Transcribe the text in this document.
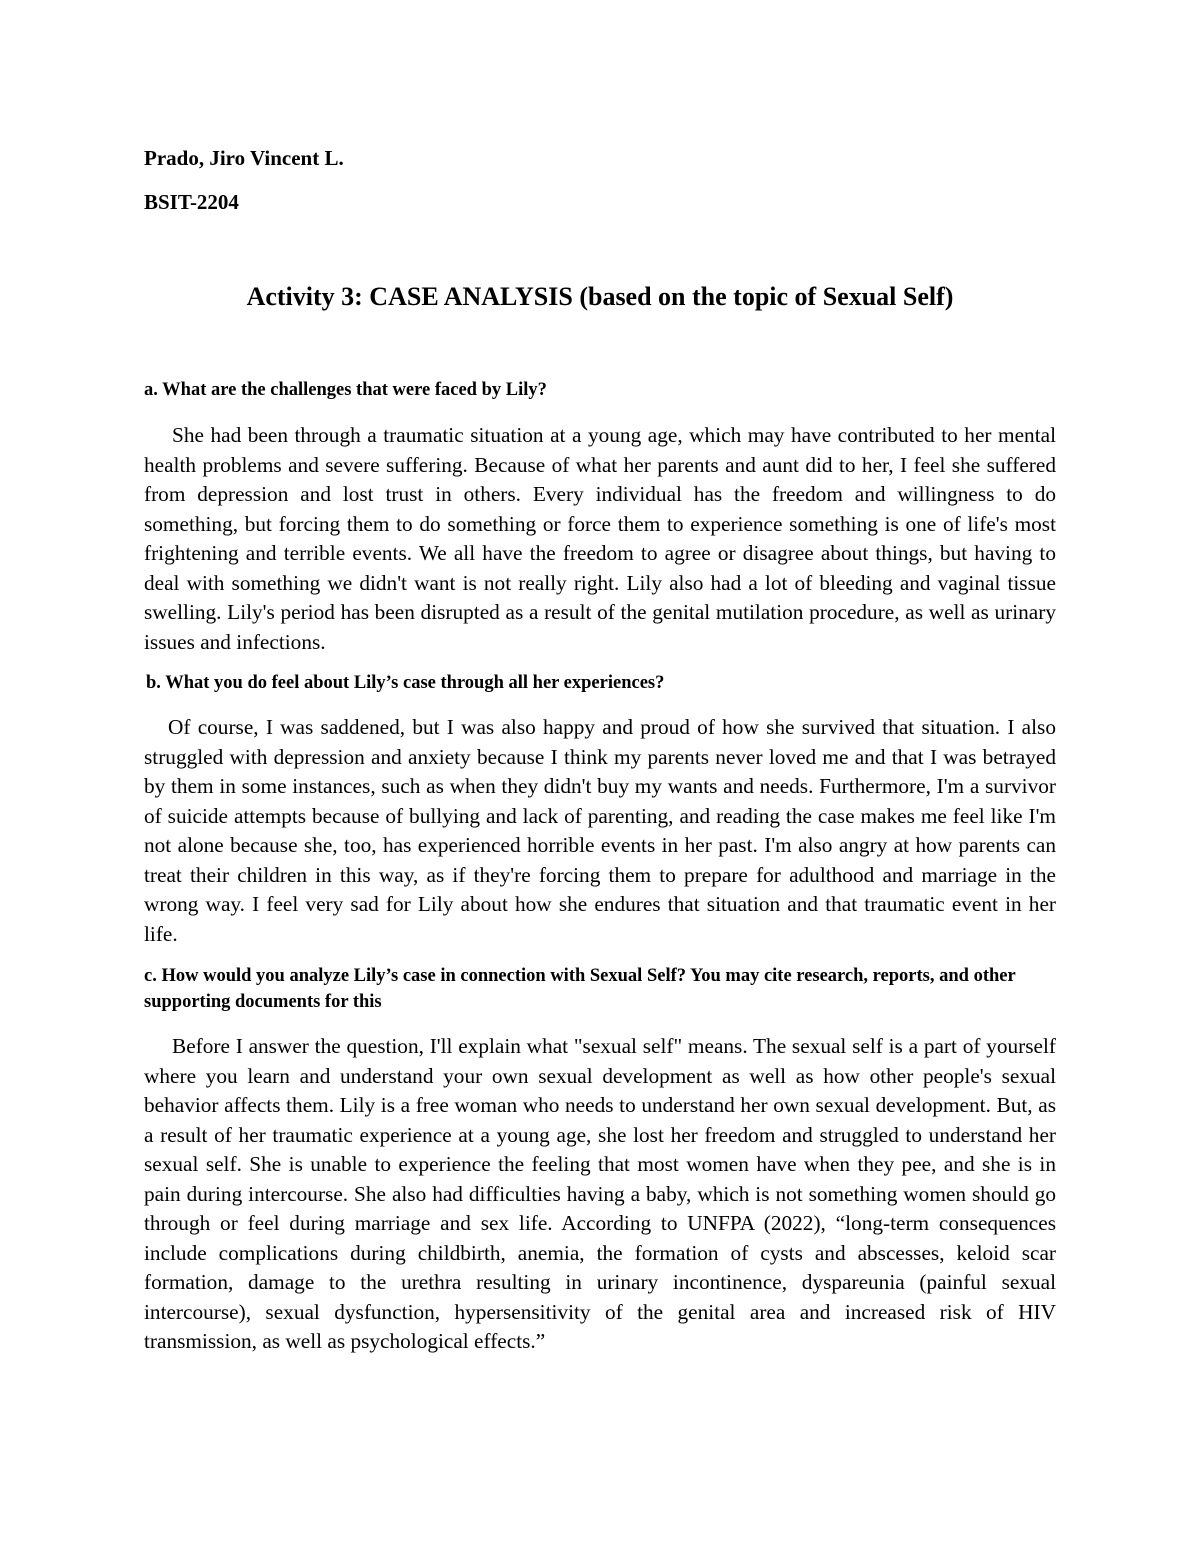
Prado, Jiro Vincent L.
BSIT-2204
Activity 3: CASE ANALYSIS (based on the topic of Sexual Self)
a. What are the challenges that were faced by Lily?

She had been through a traumatic situation at a young age, which may have contributed to her mental health problems and severe suffering. Because of what her parents and aunt did to her, I feel she suffered from depression and lost trust in others. Every individual has the freedom and willingness to do something, but forcing them to do something or force them to experience something is one of life's most frightening and terrible events. We all have the freedom to agree or disagree about things, but having to deal with something we didn't want is not really right. Lily also had a lot of bleeding and vaginal tissue swelling. Lily's period has been disrupted as a result of the genital mutilation procedure, as well as urinary issues and infections.

b. What you do feel about Lily’s case through all her experiences?

Of course, I was saddened, but I was also happy and proud of how she survived that situation. I also struggled with depression and anxiety because I think my parents never loved me and that I was betrayed by them in some instances, such as when they didn't buy my wants and needs. Furthermore, I'm a survivor of suicide attempts because of bullying and lack of parenting, and reading the case makes me feel like I'm not alone because she, too, has experienced horrible events in her past. I'm also angry at how parents can treat their children in this way, as if they're forcing them to prepare for adulthood and marriage in the wrong way. I feel very sad for Lily about how she endures that situation and that traumatic event in her life.

c. How would you analyze Lily’s case in connection with Sexual Self? You may cite research, reports, and other supporting documents for this

Before I answer the question, I'll explain what "sexual self" means. The sexual self is a part of yourself where you learn and understand your own sexual development as well as how other people's sexual behavior affects them. Lily is a free woman who needs to understand her own sexual development. But, as a result of her traumatic experience at a young age, she lost her freedom and struggled to understand her sexual self. She is unable to experience the feeling that most women have when they pee, and she is in pain during intercourse. She also had difficulties having a baby, which is not something women should go through or feel during marriage and sex life. According to UNFPA (2022), “long-term consequences include complications during childbirth, anemia, the formation of cysts and abscesses, keloid scar formation, damage to the urethra resulting in urinary incontinence, dyspareunia (painful sexual intercourse), sexual dysfunction, hypersensitivity of the genital area and increased risk of HIV transmission, as well as psychological effects.”
